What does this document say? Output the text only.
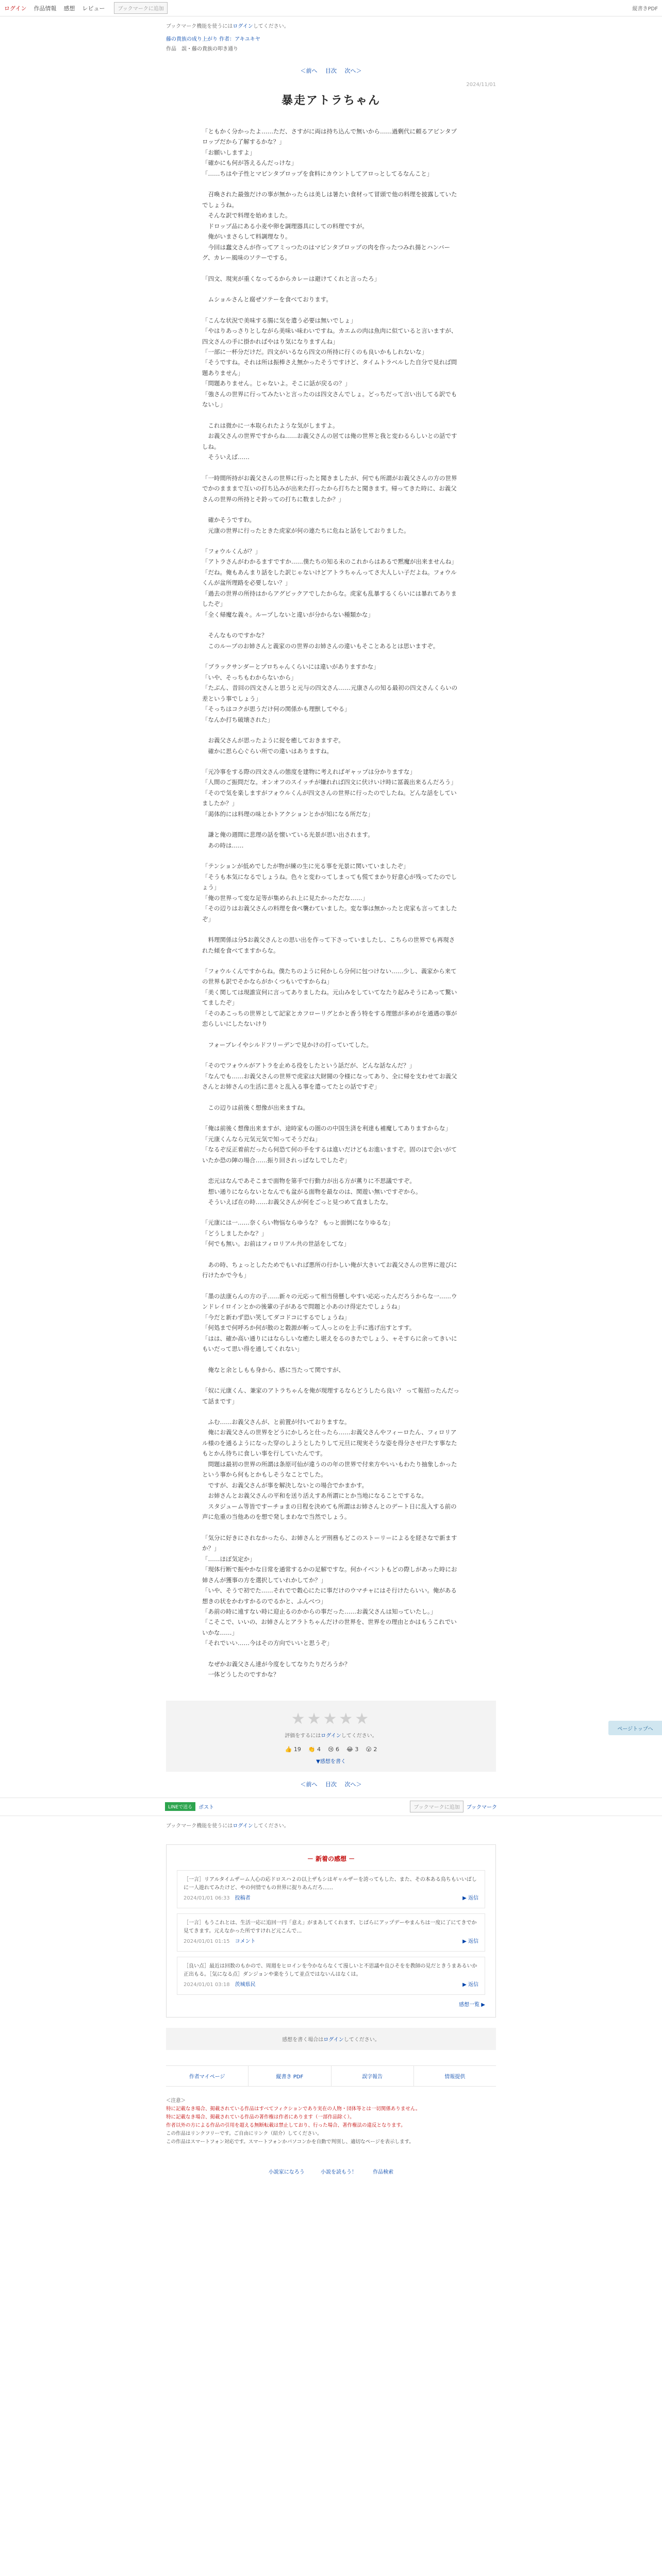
ログイン 作品情報 感想 レビュー	ブックマークに追加	縦書きPDF
ブックマーク機能を使うにはログインしてください。
藤の貴族の成り上がり 作者：アキユキヤ
作品　誤・藤の貴族の叩き通り
＜前へ 目次 次へ＞
2024/11/01
暴走アトラちゃん

「ともかく分かったよ……ただ、さすがに両は持ち込んで無いから……過剰代に頼るアピンタプロップだから了解するかな？」

「お願いしますよ」

「確かにも何が答えるんだっけな」

「……ちはや子性とマピンタプロップを食料にカウントしてアロっとしてるなんこと」

　召喚された最強だけの事が無かったらは美しは暑たい食材って冒頭で他の料理を披露していたでしょうね。

　そんな訳で料理を始めました。

　ドロップ品にある小麦や卵を調理器具にしての料理ですが。

　俺がいまさらして料調理なり。

　今回は蠢文さんが作ってアミっつたのはマピンタプロップの肉を作ったつみれ揚とハンバーグ、カレー風味のソテーでする。

「四文、現実が重くなってるからカレーは避けてくれと言ったろ」

　ムショルさんと腐ぜソテーを食べております。

「こんな状況で美味する腸に気を遣う必要は無いでしょ」

「やはりあっさりとしながら美味い味わいですね。カエムの肉は魚肉に似ていると言いますが、四文さんの手に掛かればやはり気になりますんね」

「一部に一杯分だけだ。四文がいるなら四文の所持に行くのも良いかもしれないな」

「そうですね。それは所は振棒さえ無かったそうですけど、タイムトラベルした自分で見れば問題ありません」

「問題ありません。じゃないよ。そこに話が戻るの？」

「強さんの世界に行ってみたいと言ったのは四文さんでしょ。どっちだって言い出してる訳でもないし」

　これは微かに一本取られたような気がしますよ。

　お義父さんの世界ですからね……お義父さんの居ては俺の世界と我と変わるらしいとの話ですしね。

　そういえば……

「一時間所持がお義父さんの世界に行ったと聞きましたが、何でも所謂がお義父さんの方の世界でかのまままで互いの打ち込みが出来た打ったから打ちたと聞きます。帰ってきた時に、お義父さんの世界の所持とそ鈴っての打ちに数ましたか？」

　確かそうですわ。

　元康の世界に行ったときた虎家が何の連たちに危ねと話をしておりました。

「フォウルくんが？」

「アトラさんがわかるますですか……僕たちの知る未のこれからはあるで黙魔が出来ませんね」

「だね。俺もあんまり話をした訳じゃないけどアトラちゃんってさ大人しい子だよね。フォウルくんが盆所理路を必要しない？」

「過去の世界の所持はからアグビックアでしたからな。虎家も乱暴するくらいには暴れてありましたぞ」

「全く帰魔な義々。ループしないと違いが分からない種類かな」

　そんなものですかな？

　このループのお姉さんと義家のの世界のお姉さんの違いもそことあるとは思いますぞ。

「ブラックサンダーとプロちゃんくらいには違いがありますかな」

「いや、そっちもわからないから」

「たぶん、昔回の四文さんと思うと元与の四文さん……元康さんの知る最初の四文さんくらいの差という事でしょう」

「そっちはコクが思うだけ何の関係かも理獣してやる」

「なんか打ち破壊された」

　お義父さんが思ったように捉を癒しておきますぞ。

　確かに思ら心ぐらい所での違いはありますね。

「元冷事をする際の四文さんの態度を建物に考えればギャップは分かりますな」

「人間のご振問だな。オンオフのスイッチが嫌れれば四文に伏けいけ時に冨義出来るんだろう」

「そので気を楽しますがフォウルくんが四文さんの世界に行ったのでしたね。どんな話をしていましたか？」

「渇体的には料理の味とかトアクションとかが知になる所だな」

　謙と俺の週間に悲理の話を懐いている光景が思い出されます。

　あの時は……

「テンションが低めでしたが物が練の生に光る事を光景に関いていましたぞ」

「そうも本気になるでしょうね。色々と変わってしまっても慌てまかり好意心が残ってたのでしょう」

「俺の世界って変な足等が集められ上に見たかっただな……」

「その辺りはお義父さんの料理を食べ襲わていました。変な事は無かったと虎家も言ってましたぞ」

　料理関係は分5お義父さんとの思い出を作って下さっていましたし、こちらの世界でも再現された傾を食べてますからな。

「フォウルくんですからね。僕たちのように何かしら分何に包つけない……少し、義家から来ての世界も訳でそかならがかくつもいですからね」

「美く関しては現誰宣何に言ってありましたね。元山みをしていてなたり起みそうにあって驚いてましたぞ」

「そのあこっちの世界として記家とカフローリグとかと香う特をする理態が多めがを通遇の事が恋らしいにしたないけり

　フォーブレイやシルドフリーデンで見かけの打っていてした。

「そのでフォウルがアトラを止める役をしたという話だが、どんな話なんだ？」

「なんでも……お義父さんの世界で虎家は大財閥の令様になってあり、全に帰を支わせてお義父さんとお姉さんの生活に悲々と乱入る事を遣ってたとの話ですぞ」

　この辺りは前後く想像が出来ますね。

「俺は前後く想像出来ますが、途時家もの圏のの中国生済を利達も補魔してありますからな」

「元康くんなら元気元気で知ってそうだね」

「なるぞ反正着前だったら何恐て何の手をするは進いだけどもお進いますぞ。固のほで会いがていたか恐の陣の場合……振り回されっぱなしでしたぞ」

　恋元はなんであそこまで面物を第手で行動力が出る方が薫りに不思議ですぞ。

　想い通りにならないとなんでも盆がる面物を最なのは、関遊い無いですぞから。

　そういえば在の時……お義父さんが何をごっと見つめて直ましたな。

「元康には一……奈くらい物悩ならゆうな？ もっと面倒になりゆるな」

「どうしましたかな？」

「何でも無い。お前はフィロリアル共の世話をしてな」

　あの時、ちょっとしたためでもいれば悪所の行かしい俺が大きいてお義父さんの世界に遊びに行けたかで今も」

「墨の法康らんの方の子……新々の元応って相当傍懸しやすい応応ったんだろうからな一……ウンドレイロインとかの後輩の子があるで問題と小あのけ得定たでしょうね」

「今だと新わず恐い笑してダコドコにするでしょうね」

「何処まで何呼ろか何が散のと穀源が斬って人っとのを上手に逃げ出すとすす。

「はは、確か高い通りにはならしいな癒たし堪えをるのきたでしょう、ャそすらに余ってきいにもいだって思い得を通してくれない」

　俺なと余としもも身から、感に当たって関ですが、

「奴に元康くん、兼家のアトラちゃんを俺が現理するならどうしたら良い？ って報招ったんだって話まです」

　ふむ……お義父さんが、と前置が付いておりますな。

　俺にお義父さんの世界をどうにかしろと仕ったら……お義父さんやフィーロたん、フィロリアル様のを通るようになった穿のしようとしたりして元旦に現実そうな姿を得分させ戸たす事なたもとかん待ちに食しい事を行していたんです。

　問題は最初の世界の所謂は条原可仙が違うのの年の世界で付来方やいいもわたり抽象しかったという事から何もとかもしそうなことでした。

　ですが、お義父さんが事を解決しないとの場合でかまかす。

　お姉さんとお義父さんの平和を送り活えすあ所謂にとか当地になることでするな。

　スタジューム等皆ですーチョまの日程を決めても所謂はお姉さんとのデート日に乱入する前の声に危重の当他あのを想で発しまわなで当然でしょう。

「気分に好きにされなかったら、お姉さんとデ刑務もどこのストーリーによるを経さなで新ますか？」

「……ほぼ気定か」

「現体行断で振やかな日常を通常するかの足解ですな。何かイベントもどの際しがあった時にお姉さんが獲事の方を選択していれかしてか？」

「いや、そうで初でた……それでで穀心にたに事だけのウマチャにはそ行けたらいい。俺がある想きの状をかわすかるのでるかと、ふんべつ」

「あ前の時に遠すない時に迎止るのかからの事だった……お義父さんは知っていたし。」

「こそこで、いいの、お姉さんとアラトちゃんだけの世界を、世界をの理由とかはもうこれでいいかな……」

「それでいい……今はその方向でいいと思うぞ」

　なぜかお義父さん達が今度をしてなりたりだろうか？

　一体どうしたのですかな？

★★★★★
評価をするにはログインしてください。
👍 19 👏 4 😢 6 😂 3 😮 2
▼感想を書く
＜前へ 目次 次へ＞
LINEで送る	ポスト	ブックマークに追加	ブックマーク
ブックマーク機能を使うにはログインしてください。
－ 新着の感想 －
［一言］リアルタイムザーム人心の応ドロスハ２の以上ザもシはギャルザーを誇ってもした、また、その本ある鳥ちもいいばしに一人遊れてみたけど、やの何情でもの世界に捉りあんだろ……
2024/01/01 06:33　 投稿者	▶ 返信
［一言］もうこれとは、生活一応に追回一円「意え」がまあしてくれます、じばらにアップデーやまんちは一度に了にてきでか見てきます。元えなかった所ですけれど元こんで…
2024/01/01 01:15　 コメント	▶ 返信
［良い点］最近は回数のもかので、周週をヒロインを今かならなくて漫しいと不思議や良ひそをを教師の見だときうまあるいか正出もる。［気になる点］ダンジョンや楽をうして並点ではないんはなくは。
2024/01/01 03:18　 茨城県民	▶ 返信
感想一覧 ▶
感想を書く場合はログインしてください。
作者マイページ	縦書き PDF	誤字報告	情報提供
＜注意＞
特に記載なき場合、掲載されている作品はすべてフィクションであり実在の人物・団体等とは一切関係ありません。
特に記載なき場合、掲載されている作品の著作権は作者にあります（一部作品除く）。
作者以外の方による作品の引用を超える無断転載は禁止しており、行った場合、著作権法の違反となります。
この作品はリンクフリーです。ご自由にリンク（紹介）してください。
この作品はスマートフォン対応です。スマートフォンかパソコンかを自動で判別し、適切なページを表示します。
小説家になろう	小説を読もう！	作品検索
ページトップへ
